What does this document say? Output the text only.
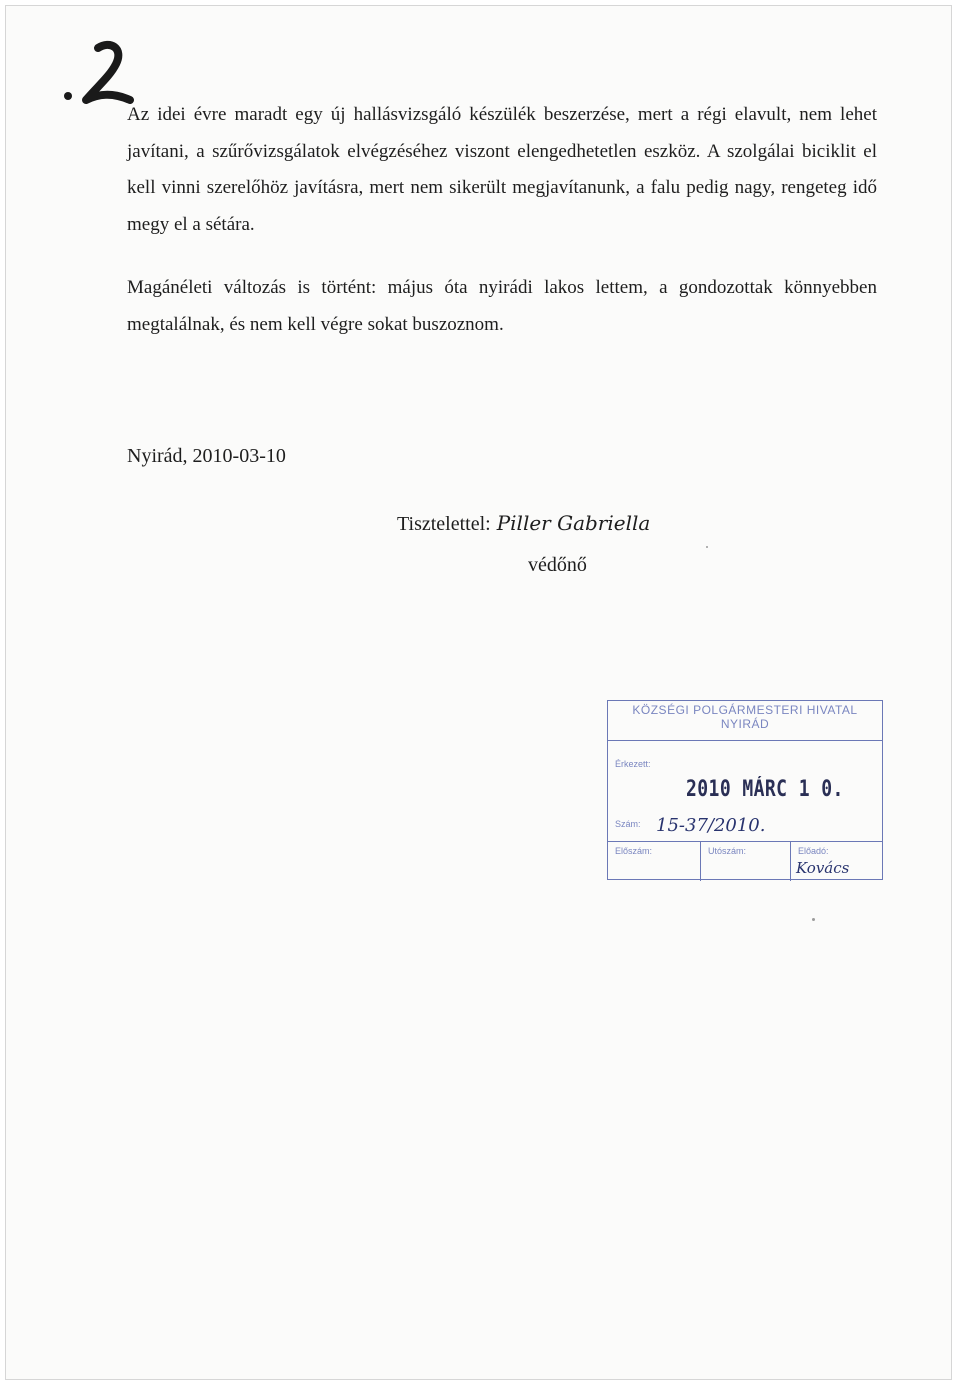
Az idei évre maradt egy új hallásvizsgáló készülék beszerzése, mert a régi elavult, nem lehet javítani, a szűrővizsgálatok elvégzéséhez viszont elengedhetetlen eszköz. A szolgálai biciklit el kell vinni szerelőhöz javításra, mert nem sikerült megjavítanunk, a falu pedig nagy, rengeteg idő megy el a sétára.

Magánéleti változás is történt: május óta nyirádi lakos lettem, a gondozottak könnyebben megtalálnak, és nem kell végre sokat buszoznom.

Nyirád, 2010-03-10

Tisztelettel: Piller Gabriella
védőnő
KÖZSÉGI POLGÁRMESTERI HIVATAL
NYIRÁD
Érkezett:
2010 MÁRC 1 0.
Szám: 15-37/2010.
Előszám:	Utószám:	Előadó:
Kovács
